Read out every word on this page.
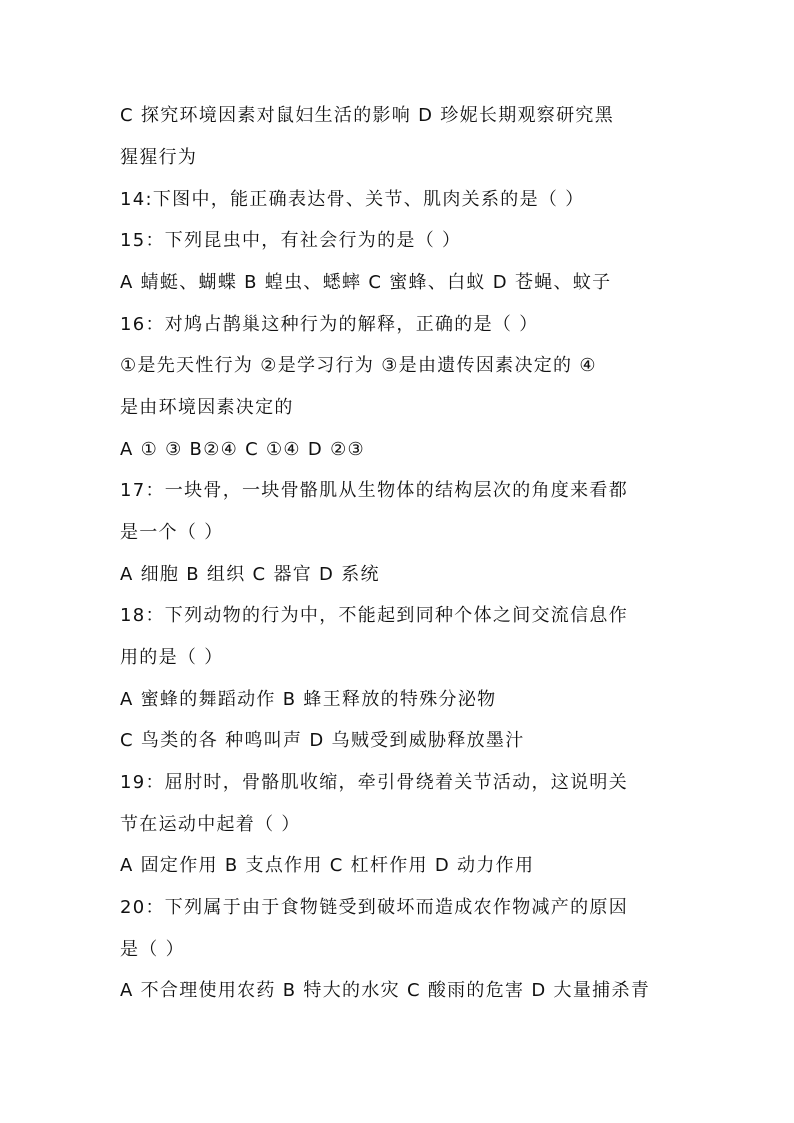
C 探究环境因素对鼠妇生活的影响 D 珍妮长期观察研究黑
猩猩行为
14:下图中，能正确表达骨、关节、肌肉关系的是（ ）
15：下列昆虫中，有社会行为的是（ ）
A 蜻蜓、蝴蝶 B 蝗虫、蟋蟀 C 蜜蜂、白蚁 D 苍蝇、蚊子
16：对鸠占鹊巢这种行为的解释，正确的是（ ）
①是先天性行为 ②是学习行为 ③是由遗传因素决定的 ④
是由环境因素决定的
A ① ③ B②④ C ①④ D ②③
17：一块骨，一块骨骼肌从生物体的结构层次的角度来看都
是一个（ ）
A 细胞 B 组织 C 器官 D 系统
18：下列动物的行为中，不能起到同种个体之间交流信息作
用的是（ ）
A 蜜蜂的舞蹈动作 B 蜂王释放的特殊分泌物
C 鸟类的各 种鸣叫声 D 乌贼受到威胁释放墨汁
19：屈肘时，骨骼肌收缩，牵引骨绕着关节活动，这说明关
节在运动中起着（ ）
A 固定作用 B 支点作用 C 杠杆作用 D 动力作用
20：下列属于由于食物链受到破坏而造成农作物减产的原因
是（ ）
A 不合理使用农药 B 特大的水灾 C 酸雨的危害 D 大量捕杀青
